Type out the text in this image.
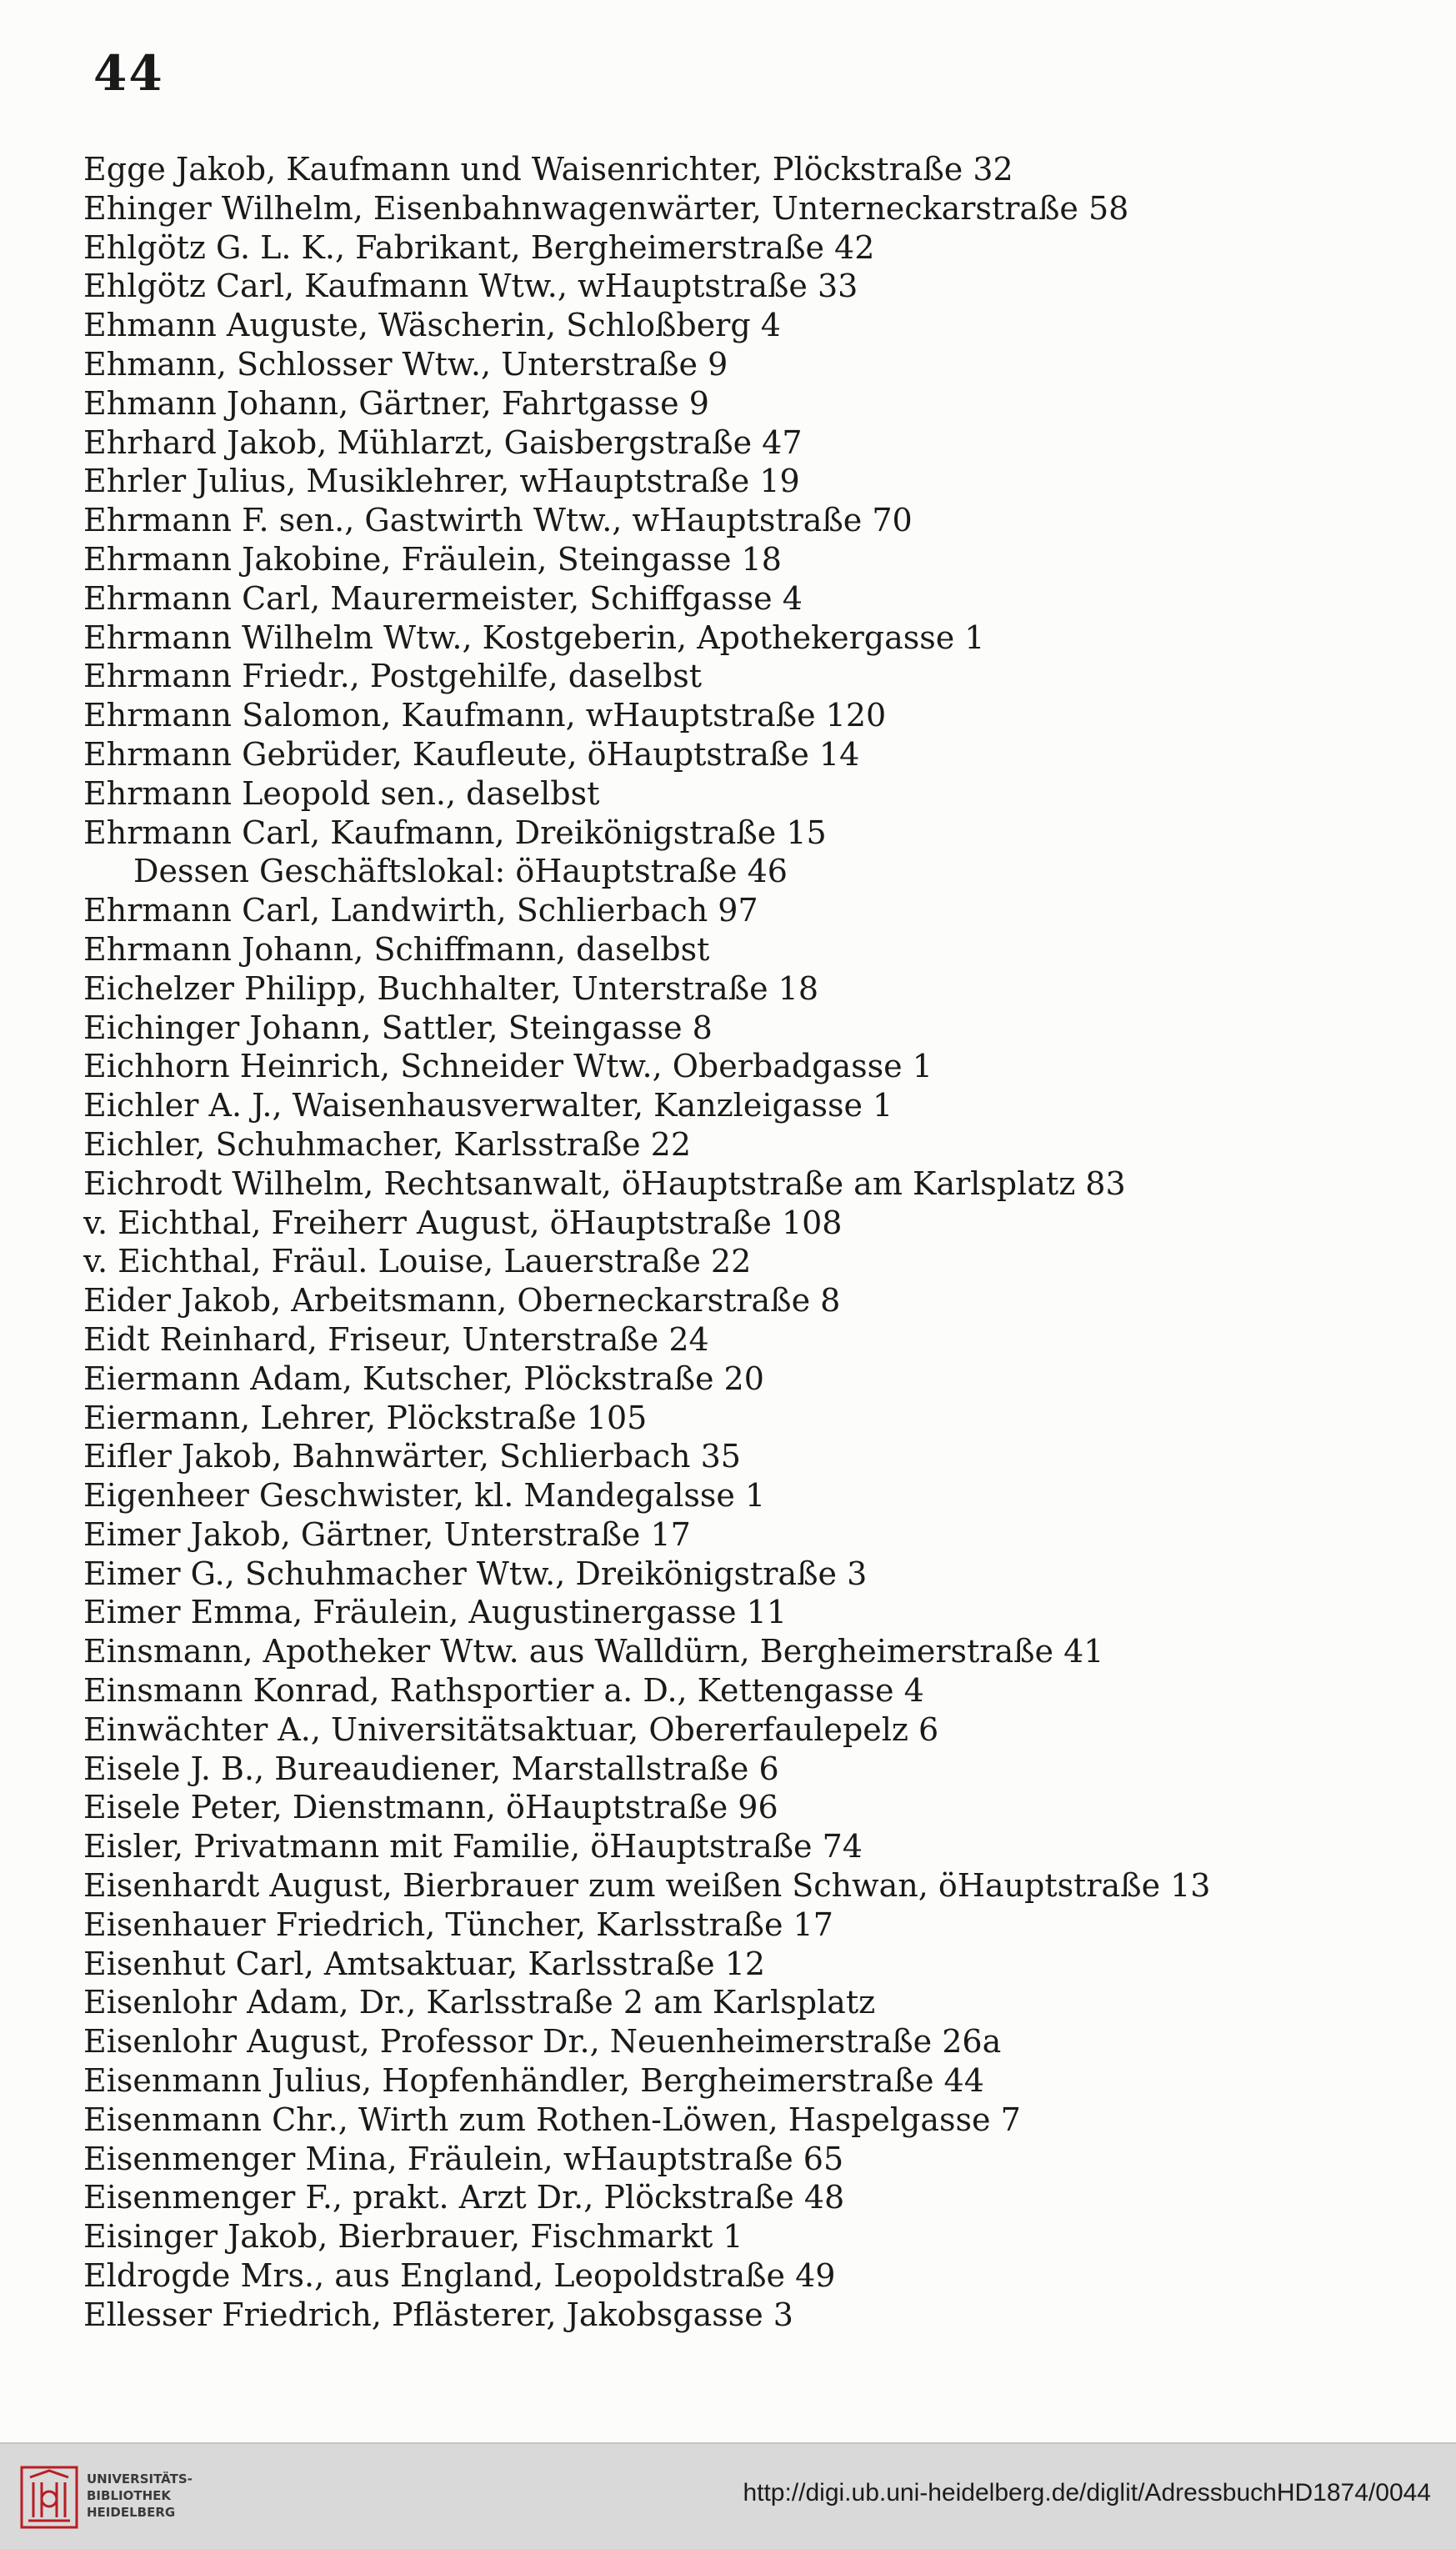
44
Egge Jakob, Kaufmann und Waisenrichter, Plöckstraße 32
Ehinger Wilhelm, Eisenbahnwagenwärter, Unterneckarstraße 58
Ehlgötz G. L. K., Fabrikant, Bergheimerstraße 42
Ehlgötz Carl, Kaufmann Wtw., wHauptstraße 33
Ehmann Auguste, Wäscherin, Schloßberg 4
Ehmann, Schlosser Wtw., Unterstraße 9
Ehmann Johann, Gärtner, Fahrtgasse 9
Ehrhard Jakob, Mühlarzt, Gaisbergstraße 47
Ehrler Julius, Musiklehrer, wHauptstraße 19
Ehrmann F. sen., Gastwirth Wtw., wHauptstraße 70
Ehrmann Jakobine, Fräulein, Steingasse 18
Ehrmann Carl, Maurermeister, Schiffgasse 4
Ehrmann Wilhelm Wtw., Kostgeberin, Apothekergasse 1
Ehrmann Friedr., Postgehilfe, daselbst
Ehrmann Salomon, Kaufmann, wHauptstraße 120
Ehrmann Gebrüder, Kaufleute, öHauptstraße 14
Ehrmann Leopold sen., daselbst
Ehrmann Carl, Kaufmann, Dreikönigstraße 15
Dessen Geschäftslokal: öHauptstraße 46
Ehrmann Carl, Landwirth, Schlierbach 97
Ehrmann Johann, Schiffmann, daselbst
Eichelzer Philipp, Buchhalter, Unterstraße 18
Eichinger Johann, Sattler, Steingasse 8
Eichhorn Heinrich, Schneider Wtw., Oberbadgasse 1
Eichler A. J., Waisenhausverwalter, Kanzleigasse 1
Eichler, Schuhmacher, Karlsstraße 22
Eichrodt Wilhelm, Rechtsanwalt, öHauptstraße am Karlsplatz 83
v. Eichthal, Freiherr August, öHauptstraße 108
v. Eichthal, Fräul. Louise, Lauerstraße 22
Eider Jakob, Arbeitsmann, Oberneckarstraße 8
Eidt Reinhard, Friseur, Unterstraße 24
Eiermann Adam, Kutscher, Plöckstraße 20
Eiermann, Lehrer, Plöckstraße 105
Eifler Jakob, Bahnwärter, Schlierbach 35
Eigenheer Geschwister, kl. Mandegalsse 1
Eimer Jakob, Gärtner, Unterstraße 17
Eimer G., Schuhmacher Wtw., Dreikönigstraße 3
Eimer Emma, Fräulein, Augustinergasse 11
Einsmann, Apotheker Wtw. aus Walldürn, Bergheimerstraße 41
Einsmann Konrad, Rathsportier a. D., Kettengasse 4
Einwächter A., Universitätsaktuar, Obererfaulepelz 6
Eisele J. B., Bureaudiener, Marstallstraße 6
Eisele Peter, Dienstmann, öHauptstraße 96
Eisler, Privatmann mit Familie, öHauptstraße 74
Eisenhardt August, Bierbrauer zum weißen Schwan, öHauptstraße 13
Eisenhauer Friedrich, Tüncher, Karlsstraße 17
Eisenhut Carl, Amtsaktuar, Karlsstraße 12
Eisenlohr Adam, Dr., Karlsstraße 2 am Karlsplatz
Eisenlohr August, Professor Dr., Neuenheimerstraße 26a
Eisenmann Julius, Hopfenhändler, Bergheimerstraße 44
Eisenmann Chr., Wirth zum Rothen-Löwen, Haspelgasse 7
Eisenmenger Mina, Fräulein, wHauptstraße 65
Eisenmenger F., prakt. Arzt Dr., Plöckstraße 48
Eisinger Jakob, Bierbrauer, Fischmarkt 1
Eldrogde Mrs., aus England, Leopoldstraße 49
Ellesser Friedrich, Pflästerer, Jakobsgasse 3
UNIVERSITÄTS-
BIBLIOTHEK
HEIDELBERG
http://digi.ub.uni-heidelberg.de/diglit/AdressbuchHD1874/0044
